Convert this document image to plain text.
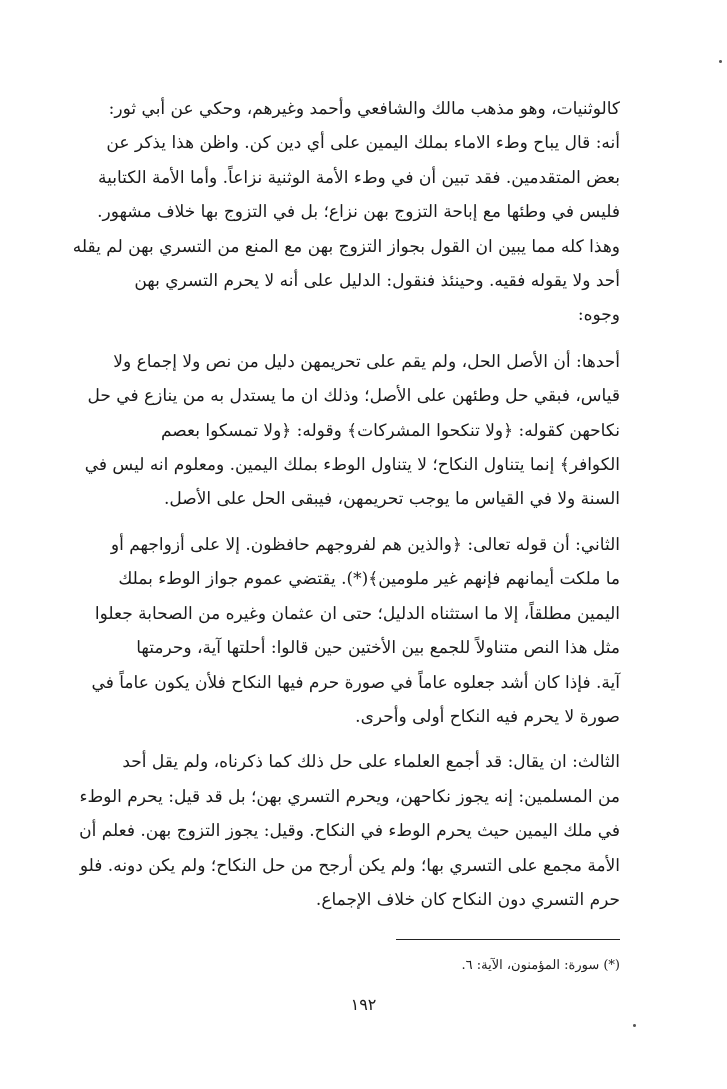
كالوثنيات، وهو مذهب مالك والشافعي وأحمد وغيرهم، وحكي عن أبي ثور:

أنه: قال يباح وطء الاماء بملك اليمين على أي دين كن. واظن هذا يذكر عن

بعض المتقدمين. فقد تبين أن في وطء الأمة الوثنية نزاعاً. وأما الأمة الكتابية

فليس في وطئها مع إباحة التزوج بهن نزاع؛ بل في التزوج بها خلاف مشهور.

وهذا كله مما يبين ان القول بجواز التزوج بهن مع المنع من التسري بهن لم يقله

أحد ولا يقوله فقيه. وحينئذ فنقول: الدليل على أنه لا يحرم التسري بهن

وجوه:

أحدها: أن الأصل الحل، ولم يقم على تحريمهن دليل من نص ولا إجماع ولا

قياس، فبقي حل وطئهن على الأصل؛ وذلك ان ما يستدل به من ينازع في حل

نكاحهن كقوله: ﴿ولا تنكحوا المشركات﴾ وقوله: ﴿ولا تمسكوا بعصم

الكوافر﴾ إنما يتناول النكاح؛ لا يتناول الوطء بملك اليمين. ومعلوم انه ليس في

السنة ولا في القياس ما يوجب تحريمهن، فيبقى الحل على الأصل.

الثاني: أن قوله تعالى: ﴿والذين هم لفروجهم حافظون. إلا على أزواجهم أو

ما ملكت أيمانهم فإنهم غير ملومين﴾(*). يقتضي عموم جواز الوطء بملك

اليمين مطلقاً، إلا ما استثناه الدليل؛ حتى ان عثمان وغيره من الصحابة جعلوا

مثل هذا النص متناولاً للجمع بين الأختين حين قالوا: أحلتها آية، وحرمتها

آية. فإذا كان أشد جعلوه عاماً في صورة حرم فيها النكاح فلأن يكون عاماً في

صورة لا يحرم فيه النكاح أولى وأحرى.

الثالث: ان يقال: قد أجمع العلماء على حل ذلك كما ذكرناه، ولم يقل أحد

من المسلمين: إنه يجوز نكاحهن، ويحرم التسري بهن؛ بل قد قيل: يحرم الوطء

في ملك اليمين حيث يحرم الوطء في النكاح. وقيل: يجوز التزوج بهن. فعلم أن

الأمة مجمع على التسري بها؛ ولم يكن أرجح من حل النكاح؛ ولم يكن دونه. فلو

حرم التسري دون النكاح كان خلاف الإجماع.

(*) سورة: المؤمنون، الآية: ٦.
١٩٢
